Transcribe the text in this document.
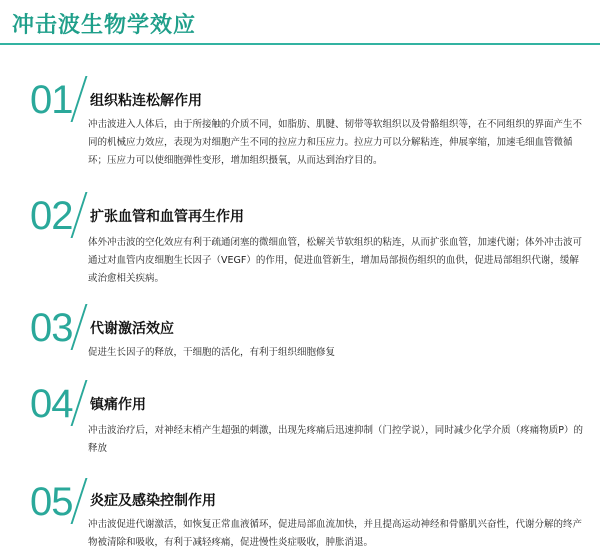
冲击波生物学效应
01 组织粘连松解作用
冲击波进入人体后，由于所接触的介质不同，如脂肪、肌腱、韧带等软组织以及骨骼组织等，在不同组织的界面产生不同的机械应力效应，表现为对细胞产生不同的拉应力和压应力。拉应力可以分解粘连，伸展挛缩，加速毛细血管微循环；压应力可以使细胞弹性变形，增加组织摄氧，从而达到治疗目的。
02 扩张血管和血管再生作用
体外冲击波的空化效应有利于疏通闭塞的微细血管，松解关节软组织的粘连，从而扩张血管，加速代谢；体外冲击波可通过对血管内皮细胞生长因子（VEGF）的作用，促进血管新生，增加局部损伤组织的血供，促进局部组织代谢，缓解或治愈相关疾病。
03 代谢激活效应
促进生长因子的释放，干细胞的活化，有利于组织细胞修复
04 镇痛作用
冲击波治疗后，对神经末梢产生超强的刺激，出现先疼痛后迅速抑制（门控学说），同时减少化学介质（疼痛物质P）的释放
05 炎症及感染控制作用
冲击波促进代谢激活，如恢复正常血液循环，促进局部血流加快，并且提高运动神经和骨骼肌兴奋性，代谢分解的终产物被清除和吸收，有利于减轻疼痛，促进慢性炎症吸收，肿胀消退。
